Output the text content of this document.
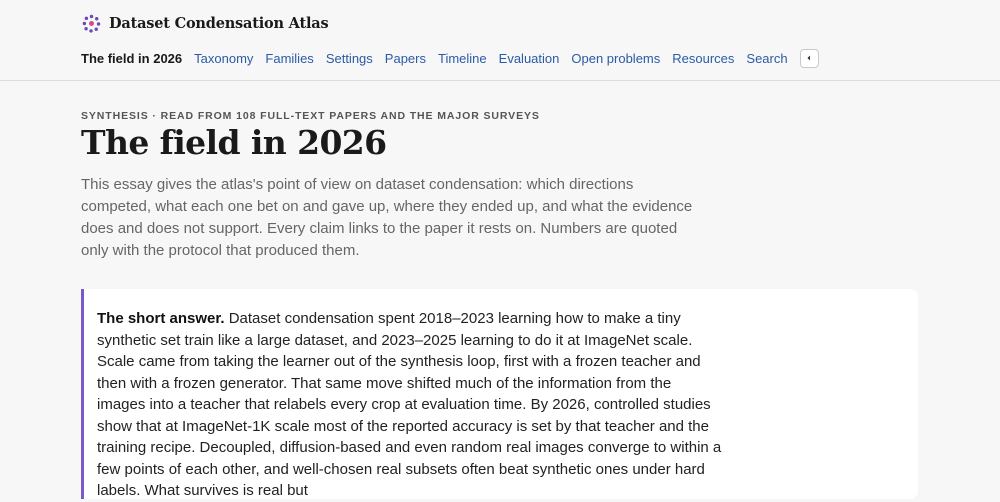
Dataset Condensation Atlas
The field in 2026 Taxonomy Families Settings Papers Timeline Evaluation Open problems Resources Search
SYNTHESIS · READ FROM 108 FULL-TEXT PAPERS AND THE MAJOR SURVEYS
The field in 2026

This essay gives the atlas's point of view on dataset condensation: which directions competed, what each one bet on and gave up, where they ended up, and what the evidence does and does not support. Every claim links to the paper it rests on. Numbers are quoted only with the protocol that produced them.

The short answer. Dataset condensation spent 2018–2023 learning how to make a tiny synthetic set train like a large dataset, and 2023–2025 learning to do it at ImageNet scale. Scale came from taking the learner out of the synthesis loop, first with a frozen teacher and then with a frozen generator. That same move shifted much of the information from the images into a teacher that relabels every crop at evaluation time. By 2026, controlled studies show that at ImageNet-1K scale most of the reported accuracy is set by that teacher and the training recipe. Decoupled, diffusion-based and even random real images converge to within a few points of each other, and well-chosen real subsets often beat synthetic ones under hard labels. What survives is real but
